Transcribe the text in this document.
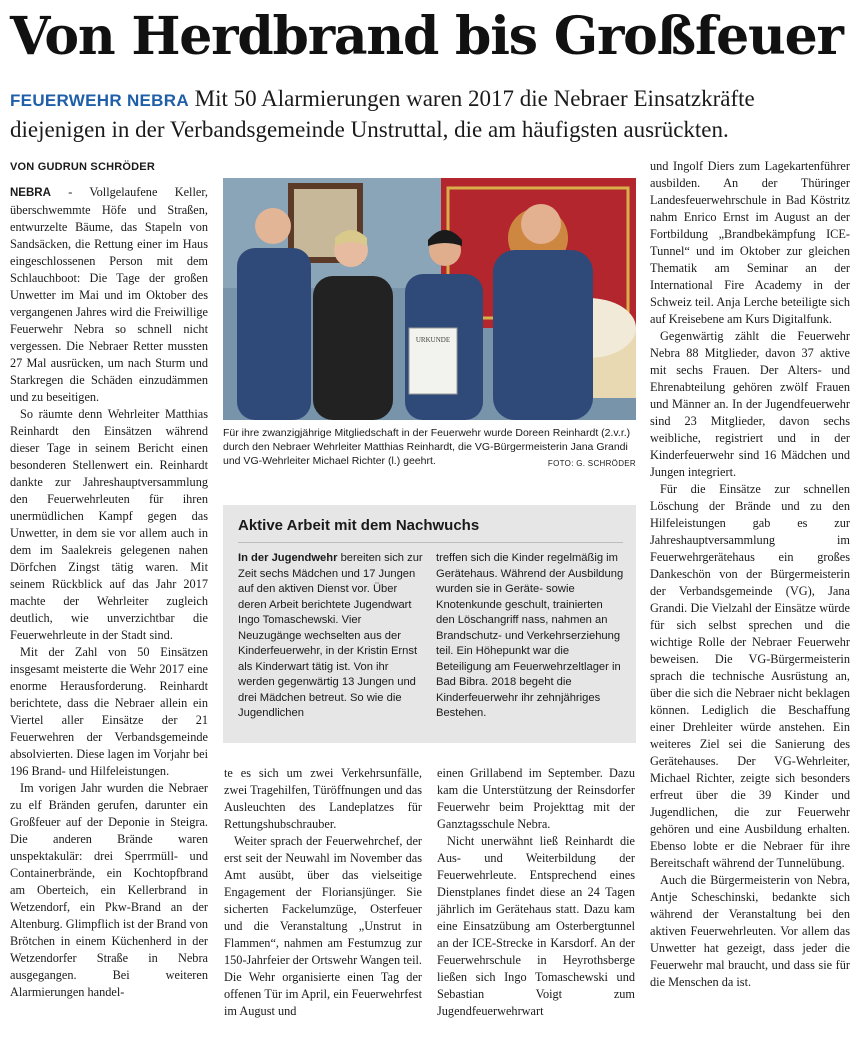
Von Herdbrand bis Großfeuer
FEUERWEHR NEBRA Mit 50 Alarmierungen waren 2017 die Nebraer Einsatzkräfte diejenigen in der Verbandsgemeinde Unstruttal, die am häufigsten ausrückten.
VON GUDRUN SCHRÖDER

NEBRA - Vollgelaufene Keller, überschwemmte Höfe und Straßen, entwurzelte Bäume, das Stapeln von Sandsäcken, die Rettung einer im Haus eingeschlossenen Person mit dem Schlauchboot: Die Tage der großen Unwetter im Mai und im Oktober des vergangenen Jahres wird die Freiwillige Feuerwehr Nebra so schnell nicht vergessen. Die Nebraer Retter mussten 27 Mal ausrücken, um nach Sturm und Starkregen die Schäden einzudämmen und zu beseitigen.

So räumte denn Wehrleiter Matthias Reinhardt den Einsätzen während dieser Tage in seinem Bericht einen besonderen Stellenwert ein. Reinhardt dankte zur Jahreshauptversammlung den Feuerwehrleuten für ihren unermüdlichen Kampf gegen das Unwetter, in dem sie vor allem auch in dem im Saalekreis gelegenen nahen Dörfchen Zingst tätig waren. Mit seinem Rückblick auf das Jahr 2017 machte der Wehrleiter zugleich deutlich, wie unverzichtbar die Feuerwehrleute in der Stadt sind.

Mit der Zahl von 50 Einsätzen insgesamt meisterte die Wehr 2017 eine enorme Herausforderung. Reinhardt berichtete, dass die Nebraer allein ein Viertel aller Einsätze der 21 Feuerwehren der Verbandsgemeinde absolvierten. Diese lagen im Vorjahr bei 196 Brand- und Hilfeleistungen.

Im vorigen Jahr wurden die Nebraer zu elf Bränden gerufen, darunter ein Großfeuer auf der Deponie in Steigra. Die anderen Brände waren unspektakulär: drei Sperrmüll- und Containerbrände, ein Kochtopfbrand am Oberteich, ein Kellerbrand in Wetzendorf, ein Pkw-Brand an der Altenburg. Glimpflich ist der Brand von Brötchen in einem Küchenherd in der Wetzendorfer Straße in Nebra ausgegangen. Bei weiteren Alarmierungen handel-

URKUNDE
Für ihre zwanzigjährige Mitgliedschaft in der Feuerwehr wurde Doreen Reinhardt (2.v.r.) durch den Nebraer Wehrleiter Matthias Reinhardt, die VG-Bürgermeisterin Jana Grandi und VG-Wehrleiter Michael Richter (l.) geehrt.	FOTO: G. SCHRÖDER
Aktive Arbeit mit dem Nachwuchs
In der Jugendwehr bereiten sich zur Zeit sechs Mädchen und 17 Jungen auf den aktiven Dienst vor. Über deren Arbeit berichtete Jugendwart Ingo Tomaschewski. Vier Neuzugänge wechselten aus der Kinderfeuerwehr, in der Kristin Ernst als Kinderwart tätig ist. Von ihr werden gegenwärtig 13 Jungen und drei Mädchen betreut. So wie die Jugendlichen
treffen sich die Kinder regelmäßig im Gerätehaus. Während der Ausbildung wurden sie in Geräte- sowie Knotenkunde geschult, trainierten den Löschangriff nass, nahmen an Brandschutz- und Verkehrserziehung teil. Ein Höhepunkt war die Beteiligung am Feuerwehrzeltlager in Bad Bibra. 2018 begeht die Kinderfeuerwehr ihr zehnjähriges Bestehen.

te es sich um zwei Verkehrsunfälle, zwei Tragehilfen, Türöffnungen und das Ausleuchten des Landeplatzes für Rettungshubschrauber.

Weiter sprach der Feuerwehrchef, der erst seit der Neuwahl im November das Amt ausübt, über das vielseitige Engagement der Floriansjünger. Sie sicherten Fackelumzüge, Osterfeuer und die Veranstaltung „Unstrut in Flammen“, nahmen am Festumzug zur 150-Jahrfeier der Ortswehr Wangen teil. Die Wehr organisierte einen Tag der offenen Tür im April, ein Feuerwehrfest im August und

einen Grillabend im September. Dazu kam die Unterstützung der Reinsdorfer Feuerwehr beim Projekttag mit der Ganztagsschule Nebra.

Nicht unerwähnt ließ Reinhardt die Aus- und Weiterbildung der Feuerwehrleute. Entsprechend eines Dienstplanes findet diese an 24 Tagen jährlich im Gerätehaus statt. Dazu kam eine Einsatzübung am Osterbergtunnel an der ICE-Strecke in Karsdorf. An der Feuerwehrschule in Heyrothsberge ließen sich Ingo Tomaschewski und Sebastian Voigt zum Jugendfeuerwehrwart

und Ingolf Diers zum Lagekartenführer ausbilden. An der Thüringer Landesfeuerwehrschule in Bad Köstritz nahm Enrico Ernst im August an der Fortbildung „Brandbekämpfung ICE-Tunnel“ und im Oktober zur gleichen Thematik am Seminar an der International Fire Academy in der Schweiz teil. Anja Lerche beteiligte sich auf Kreisebene am Kurs Digitalfunk.

Gegenwärtig zählt die Feuerwehr Nebra 88 Mitglieder, davon 37 aktive mit sechs Frauen. Der Alters- und Ehrenabteilung gehören zwölf Frauen und Männer an. In der Jugendfeuerwehr sind 23 Mitglieder, davon sechs weibliche, registriert und in der Kinderfeuerwehr sind 16 Mädchen und Jungen integriert.

Für die Einsätze zur schnellen Löschung der Brände und zu den Hilfeleistungen gab es zur Jahreshauptversammlung im Feuerwehrgerätehaus ein großes Dankeschön von der Bürgermeisterin der Verbandsgemeinde (VG), Jana Grandi. Die Vielzahl der Einsätze würde für sich selbst sprechen und die wichtige Rolle der Nebraer Feuerwehr beweisen. Die VG-Bürgermeisterin sprach die technische Ausrüstung an, über die sich die Nebraer nicht beklagen können. Lediglich die Beschaffung einer Drehleiter würde anstehen. Ein weiteres Ziel sei die Sanierung des Gerätehauses. Der VG-Wehrleiter, Michael Richter, zeigte sich besonders erfreut über die 39 Kinder und Jugendlichen, die zur Feuerwehr gehören und eine Ausbildung erhalten. Ebenso lobte er die Nebraer für ihre Bereitschaft während der Tunnelübung.

Auch die Bürgermeisterin von Nebra, Antje Scheschinski, bedankte sich während der Veranstaltung bei den aktiven Feuerwehrleuten. Vor allem das Unwetter hat gezeigt, dass jeder die Feuerwehr mal braucht, und dass sie für die Menschen da ist.
